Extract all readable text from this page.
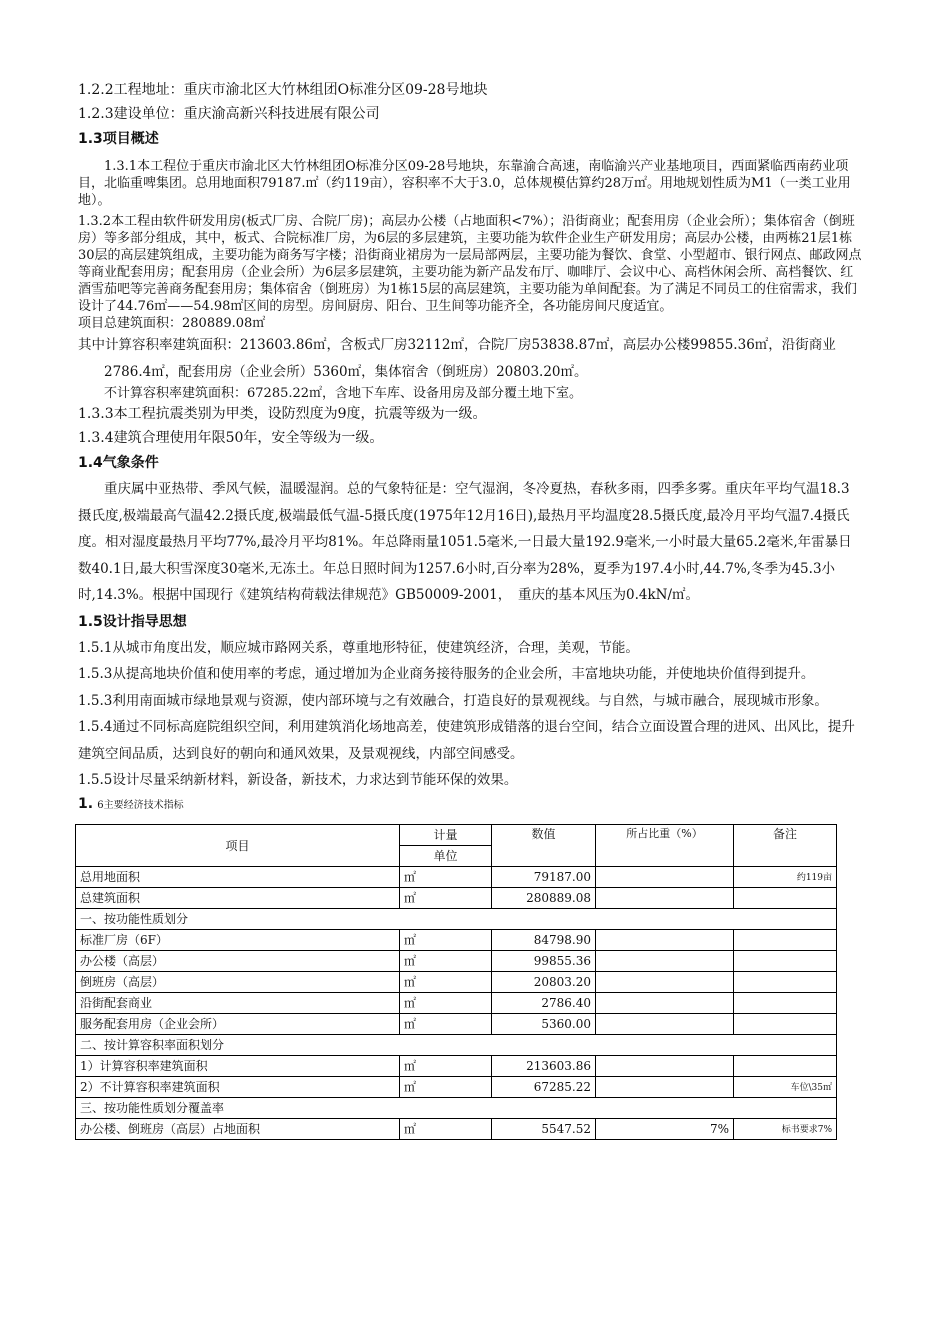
1.2.2工程地址：重庆市渝北区大竹林组团O标准分区09-28号地块

1.2.3建设单位：重庆渝高新兴科技进展有限公司

1.3项目概述

1.3.1本工程位于重庆市渝北区大竹林组团O标准分区09-28号地块，东靠渝合高速，南临渝兴产业基地项目，西面紧临西南药业项目，北临重啤集团。总用地面积79187.㎡（约119亩），容积率不大于3.0，总体规模估算约28万㎡。用地规划性质为M1（一类工业用地）。

1.3.2本工程由软件研发用房(板式厂房、合院厂房)；高层办公楼（占地面积<7%）；沿街商业；配套用房（企业会所）；集体宿舍（倒班房）等多部分组成，其中，板式、合院标准厂房，为6层的多层建筑，主要功能为软件企业生产研发用房；高层办公楼，由两栋21层1栋30层的高层建筑组成，主要功能为商务写字楼；沿街商业裙房为一层局部两层，主要功能为餐饮、食堂、小型超市、银行网点、邮政网点等商业配套用房；配套用房（企业会所）为6层多层建筑，主要功能为新产品发布厅、咖啡厅、会议中心、高档休闲会所、高档餐饮、红酒雪茄吧等完善商务配套用房；集体宿舍（倒班房）为1栋15层的高层建筑，主要功能为单间配套。为了满足不同员工的住宿需求，我们设计了44.76㎡——54.98㎡区间的房型。房间厨房、阳台、卫生间等功能齐全，各功能房间尺度适宜。

项目总建筑面积：280889.08㎡

其中计算容积率建筑面积：213603.86㎡，含板式厂房32112㎡，合院厂房53838.87㎡，高层办公楼99855.36㎡，沿街商业2786.4㎡，配套用房（企业会所）5360㎡，集体宿舍（倒班房）20803.20㎡。

不计算容积率建筑面积：67285.22㎡，含地下车库、设备用房及部分覆土地下室。

1.3.3本工程抗震类别为甲类，设防烈度为9度，抗震等级为一级。

1.3.4建筑合理使用年限50年，安全等级为一级。

1.4气象条件

重庆属中亚热带、季风气候，温暖湿润。总的气象特征是：空气湿润，冬冷夏热，春秋多雨，四季多雾。重庆年平均气温18.3摄氏度,极端最高气温42.2摄氏度,极端最低气温-5摄氏度(1975年12月16日),最热月平均温度28.5摄氏度,最冷月平均气温7.4摄氏度。相对湿度最热月平均77%,最冷月平均81%。年总降雨量1051.5毫米,一日最大量192.9毫米,一小时最大量65.2毫米,年雷暴日数40.1日,最大积雪深度30毫米,无冻土。年总日照时间为1257.6小时,百分率为28%，夏季为197.4小时,44.7%,冬季为45.3小时,14.3%。根据中国现行《建筑结构荷载法律规范》GB50009-2001，　重庆的基本风压为0.4kN/㎡。

1.5设计指导思想

1.5.1从城市角度出发，顺应城市路网关系，尊重地形特征，使建筑经济，合理，美观，节能。

1.5.3从提高地块价值和使用率的考虑，通过增加为企业商务接待服务的企业会所，丰富地块功能，并使地块价值得到提升。

1.5.3利用南面城市绿地景观与资源，使内部环境与之有效融合，打造良好的景观视线。与自然，与城市融合，展现城市形象。

1.5.4通过不同标高庭院组织空间，利用建筑消化场地高差，使建筑形成错落的退台空间，结合立面设置合理的进风、出风比，提升建筑空间品质，达到良好的朝向和通风效果，及景观视线，内部空间感受。

1.5.5设计尽量采纳新材料，新设备，新技术，力求达到节能环保的效果。

1. 6主要经济技术指标

项目	计量	数值	所占比重（%）	备注
	单位			
总用地面积	㎡	79187.00		约119亩
总建筑面积	㎡	280889.08		
一、按功能性质划分				
标准厂房（6F）	㎡	84798.90		
办公楼（高层）	㎡	99855.36		
倒班房（高层）	㎡	20803.20		
沿街配套商业	㎡	2786.40		
服务配套用房（企业会所）	㎡	5360.00		
二、按计算容积率面积划分				
1）计算容积率建筑面积	㎡	213603.86		
2）不计算容积率建筑面积	㎡	67285.22		车位\35㎡
三、按功能性质划分覆盖率				
办公楼、倒班房（高层）占地面积	㎡	5547.52	7%	标书要求7%
